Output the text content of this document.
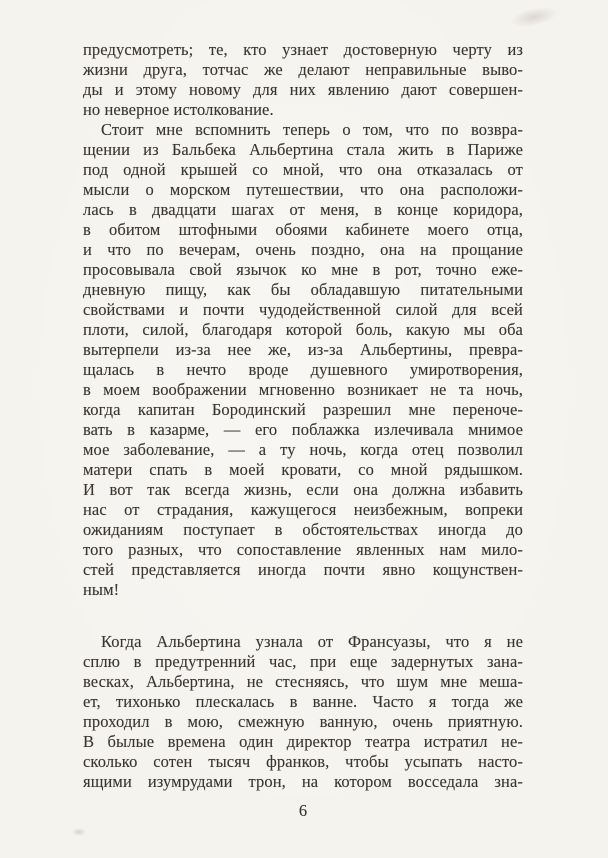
предусмотреть; те, кто узнает достоверную черту из
жизни друга, тотчас же делают неправильные выво-
ды и этому новому для них явлению дают совершен-
но неверное истолкование.
Стоит мне вспомнить теперь о том, что по возвра-
щении из Бальбека Альбертина стала жить в Париже
под одной крышей со мной, что она отказалась от
мысли о морском путешествии, что она расположи-
лась в двадцати шагах от меня, в конце коридора,
в обитом штофными обоями кабинете моего отца,
и что по вечерам, очень поздно, она на прощание
просовывала свой язычок ко мне в рот, точно еже-
дневную пищу, как бы обладавшую питательными
свойствами и почти чудодейственной силой для всей
плоти, силой, благодаря которой боль, какую мы оба
вытерпели из-за нее же, из-за Альбертины, превра-
щалась в нечто вроде душевного умиротворения,
в моем воображении мгновенно возникает не та ночь,
когда капитан Бородинский разрешил мне переноче-
вать в казарме, — его поблажка излечивала мнимое
мое заболевание, — а ту ночь, когда отец позволил
матери спать в моей кровати, со мной рядышком.
И вот так всегда жизнь, если она должна избавить
нас от страдания, кажущегося неизбежным, вопреки
ожиданиям поступает в обстоятельствах иногда до
того разных, что сопоставление явленных нам мило-
стей представляется иногда почти явно кощунствен-
ным!
Когда Альбертина узнала от Франсуазы, что я не
сплю в предутренний час, при еще задернутых зана-
весках, Альбертина, не стесняясь, что шум мне меша-
ет, тихонько плескалась в ванне. Часто я тогда же
проходил в мою, смежную ванную, очень приятную.
В былые времена один директор театра истратил не-
сколько сотен тысяч франков, чтобы усыпать насто-
ящими изумрудами трон, на котором восседала зна-
6
